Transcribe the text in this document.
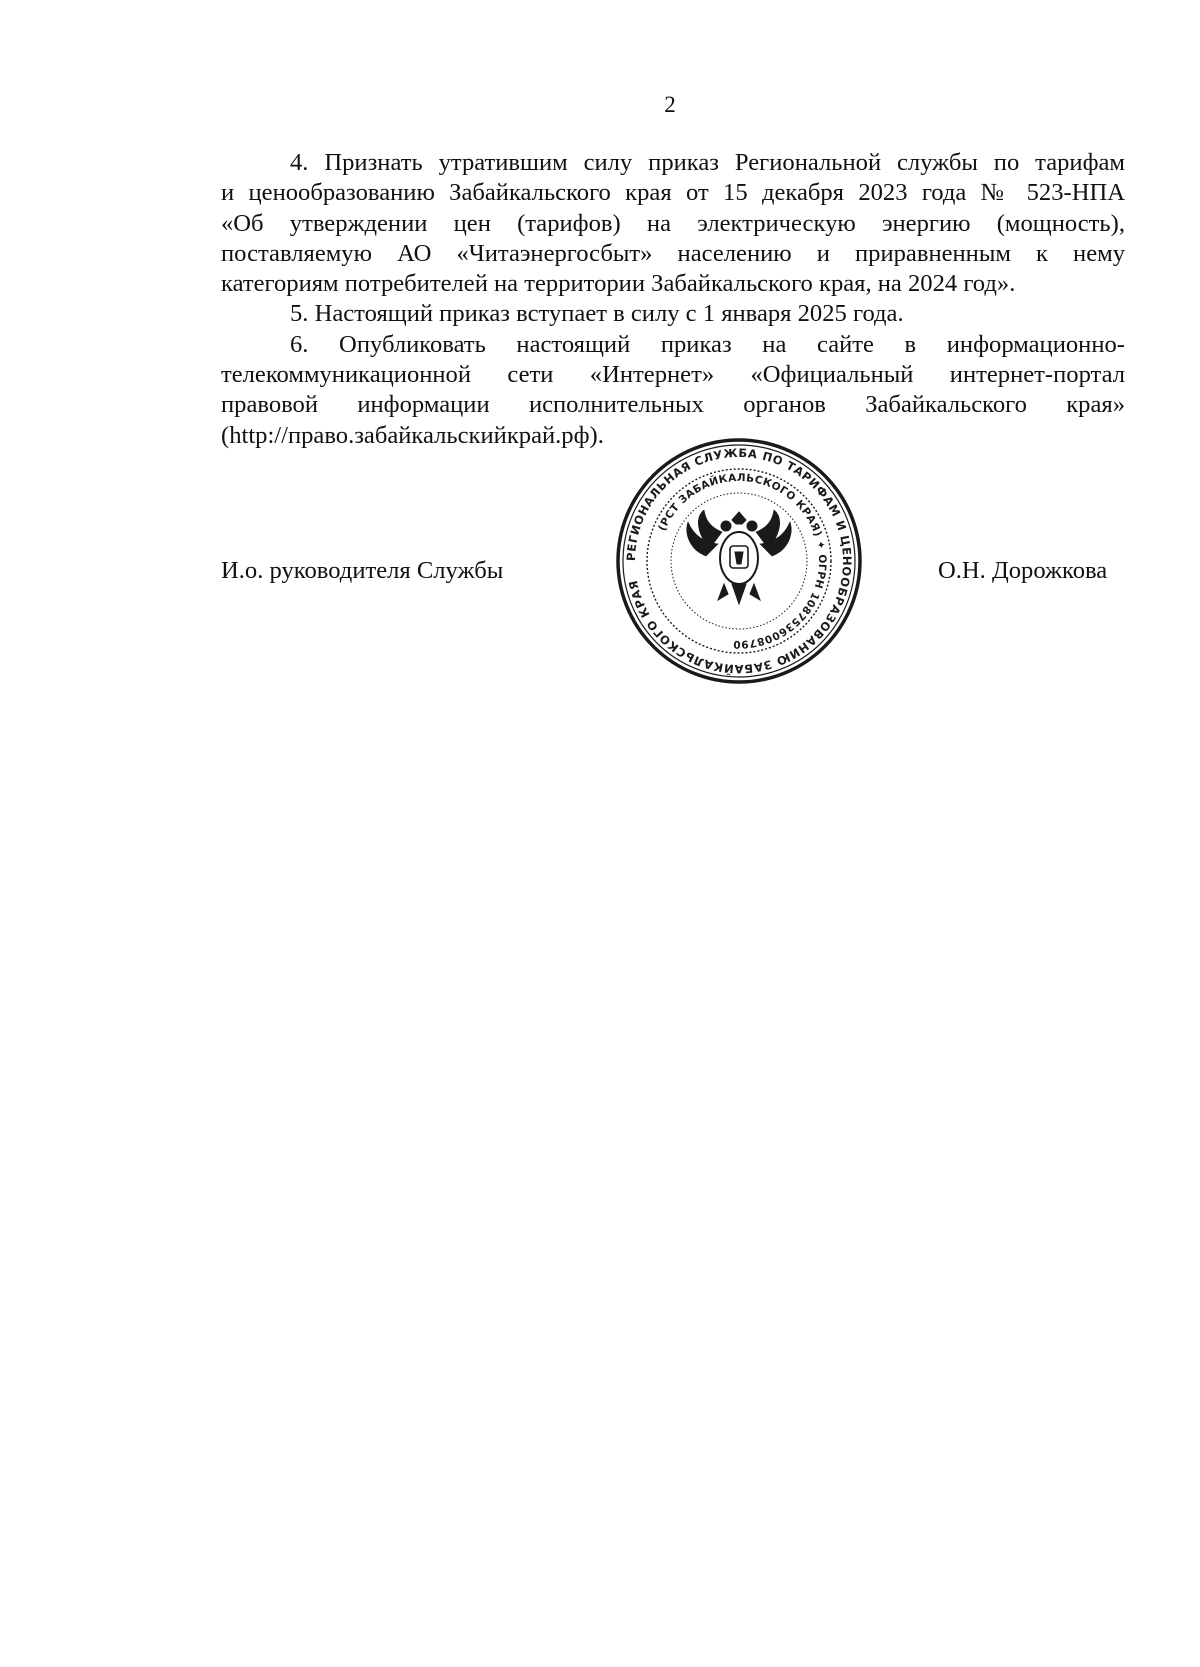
2
4. Признать утратившим силу приказ Региональной службы по тарифам
и ценообразованию Забайкальского края от 15 декабря 2023 года № 523-НПА
«Об утверждении цен (тарифов) на электрическую энергию (мощность),
поставляемую АО «Читаэнергосбыт» населению и приравненным к нему
категориям потребителей на территории Забайкальского края, на 2024 год».
5. Настоящий приказ вступает в силу с 1 января 2025 года.
6. Опубликовать настоящий приказ на сайте в информационно-
телекоммуникационной сети «Интернет» «Официальный интернет-портал
правовой информации исполнительных органов Забайкальского края»
(http://право.забайкальскийкрай.рф).
И.о. руководителя Службы	О.Н. Дорожкова
РЕГИОНАЛЬНАЯ СЛУЖБА ПО ТАРИФАМ И ЦЕНООБРАЗОВАНИЮ ЗАБАЙКАЛЬСКОГО КРАЯ
(РСТ ЗАБАЙКАЛЬСКОГО КРАЯ) ✦ ОГРН 1087536008790
